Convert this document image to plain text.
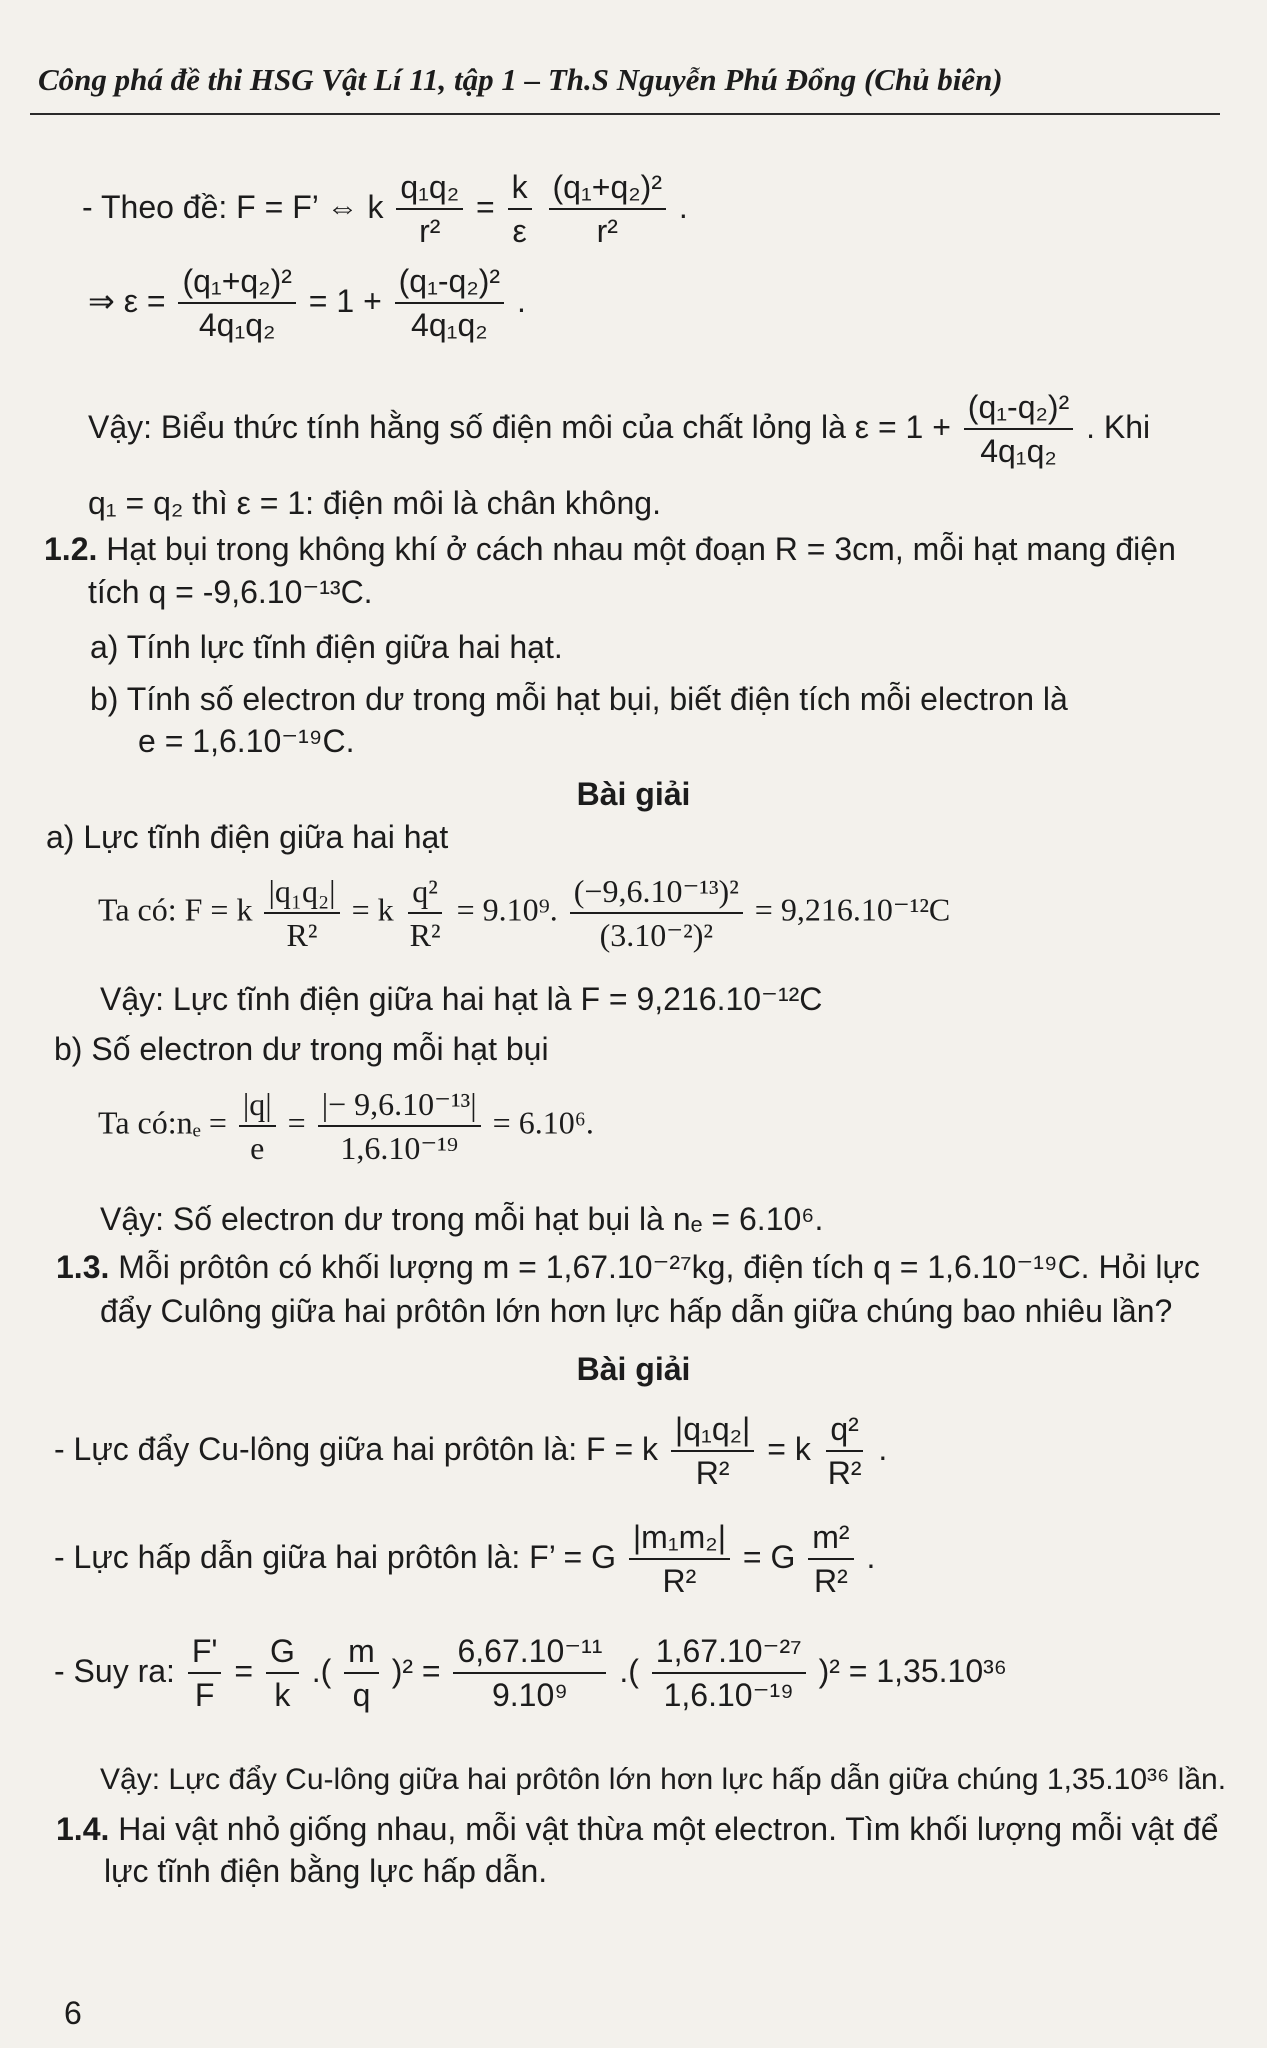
Công phá đề thi HSG Vật Lí 11, tập 1 – Th.S Nguyễn Phú Đổng (Chủ biên)
- Theo đề: F = F’ ⇔ k $\frac{\text{q₁q₂}}{\text{r²}} = \frac{k}{\varepsilon}$
$\frac{\text{(q₁+q₂)²}}{\text{r²}}$ .
⇒ $\varepsilon = \frac{\text{(q₁+q₂)²}}{\text{4q₁q₂}} = 1 + \frac{\text{(q₁-q₂)²}}{\text{4q₁q₂}}$ .
Vậy: Biểu thức tính hằng số điện môi của chất lỏng là $\varepsilon = 1 + \frac{\text{(q₁-q₂)²}}{\text{4q₁q₂}}$ . Khi
q₁ = q₂ thì ε = 1: điện môi là chân không.
1.2. Hạt bụi trong không khí ở cách nhau một đoạn R = 3cm, mỗi hạt mang điện
tích q = -9,6.10⁻¹³C.
a) Tính lực tĩnh điện giữa hai hạt.
b) Tính số electron dư trong mỗi hạt bụi, biết điện tích mỗi electron là
e = 1,6.10⁻¹⁹C.
Bài giải
a) Lực tĩnh điện giữa hai hạt
Ta có: F = k $\frac{\text{|q₁q₂|}}{\text{R²}} = k \frac{\text{q²}}{\text{R²}} = 9.10^9$. $\frac{\text{(−9,6.10⁻¹³)²}}{\text{(3.10⁻²)²}} = 9,216.10^{-12}C$
Vậy: Lực tĩnh điện giữa hai hạt là F = 9,216.10⁻¹²C
b) Số electron dư trong mỗi hạt bụi
Ta có:nₑ = $\frac{|q|}{e} = \frac{\text{|− 9,6.10⁻¹³|}}{\text{1,6.10⁻¹⁹}} = 6.10^6$.
Vậy: Số electron dư trong mỗi hạt bụi là nₑ = 6.10⁶.
1.3. Mỗi prôtôn có khối lượng m = 1,67.10⁻²⁷kg, điện tích q = 1,6.10⁻¹⁹C. Hỏi lực
đẩy Culông giữa hai prôtôn lớn hơn lực hấp dẫn giữa chúng bao nhiêu lần?
Bài giải
- Lực đẩy Cu-lông giữa hai prôtôn là: F = k $\frac{\text{|q₁q₂|}}{\text{R²}} = k \frac{\text{q²}}{\text{R²}}$ .
- Lực hấp dẫn giữa hai prôtôn là: F’ = G $\frac{\text{|m₁m₂|}}{\text{R²}} = G \frac{\text{m²}}{\text{R²}}$ .
- Suy ra: $\frac{F'}{F} = \frac{G}{k}$ .( $\frac{m}{q} )^2 = \frac{\text{6,67.10⁻¹¹}}{\text{9.10⁹}}$ .( $\frac{\text{1,67.10⁻²⁷}}{\text{1,6.10⁻¹⁹}} )^2 = 1,35.10^{36}$
Vậy: Lực đẩy Cu-lông giữa hai prôtôn lớn hơn lực hấp dẫn giữa chúng 1,35.10³⁶ lần.
1.4. Hai vật nhỏ giống nhau, mỗi vật thừa một electron. Tìm khối lượng mỗi vật để
lực tĩnh điện bằng lực hấp dẫn.
6
